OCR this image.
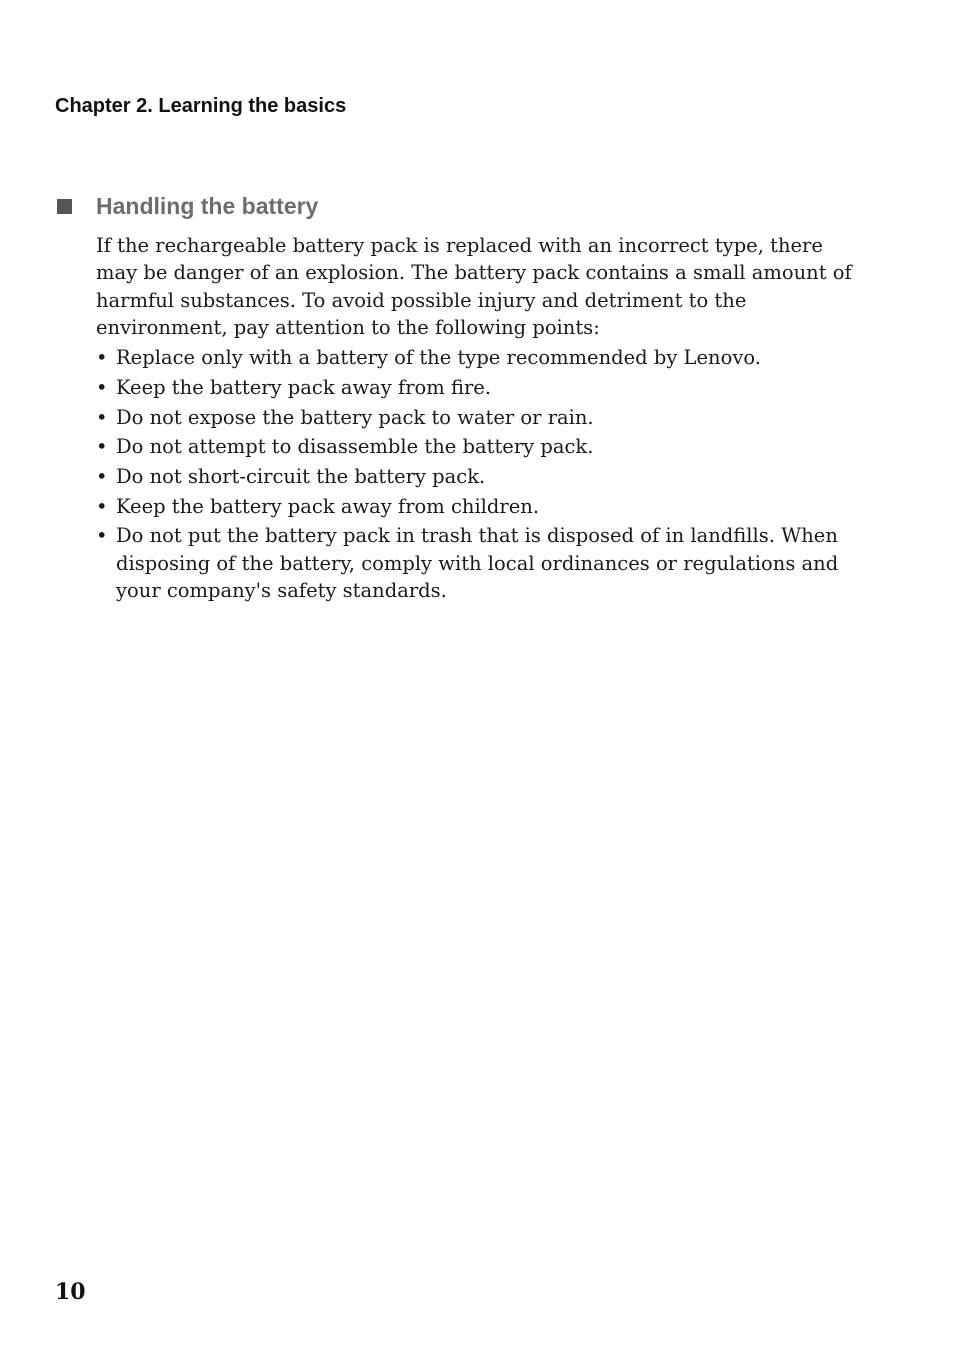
Chapter 2. Learning the basics
Handling the battery

If the rechargeable battery pack is replaced with an incorrect type, there may be danger of an explosion. The battery pack contains a small amount of harmful substances. To avoid possible injury and detriment to the environment, pay attention to the following points:

• Replace only with a battery of the type recommended by Lenovo.
• Keep the battery pack away from fire.
• Do not expose the battery pack to water or rain.
• Do not attempt to disassemble the battery pack.
• Do not short-circuit the battery pack.
• Keep the battery pack away from children.
• Do not put the battery pack in trash that is disposed of in landfills. When disposing of the battery, comply with local ordinances or regulations and your company's safety standards.
10
